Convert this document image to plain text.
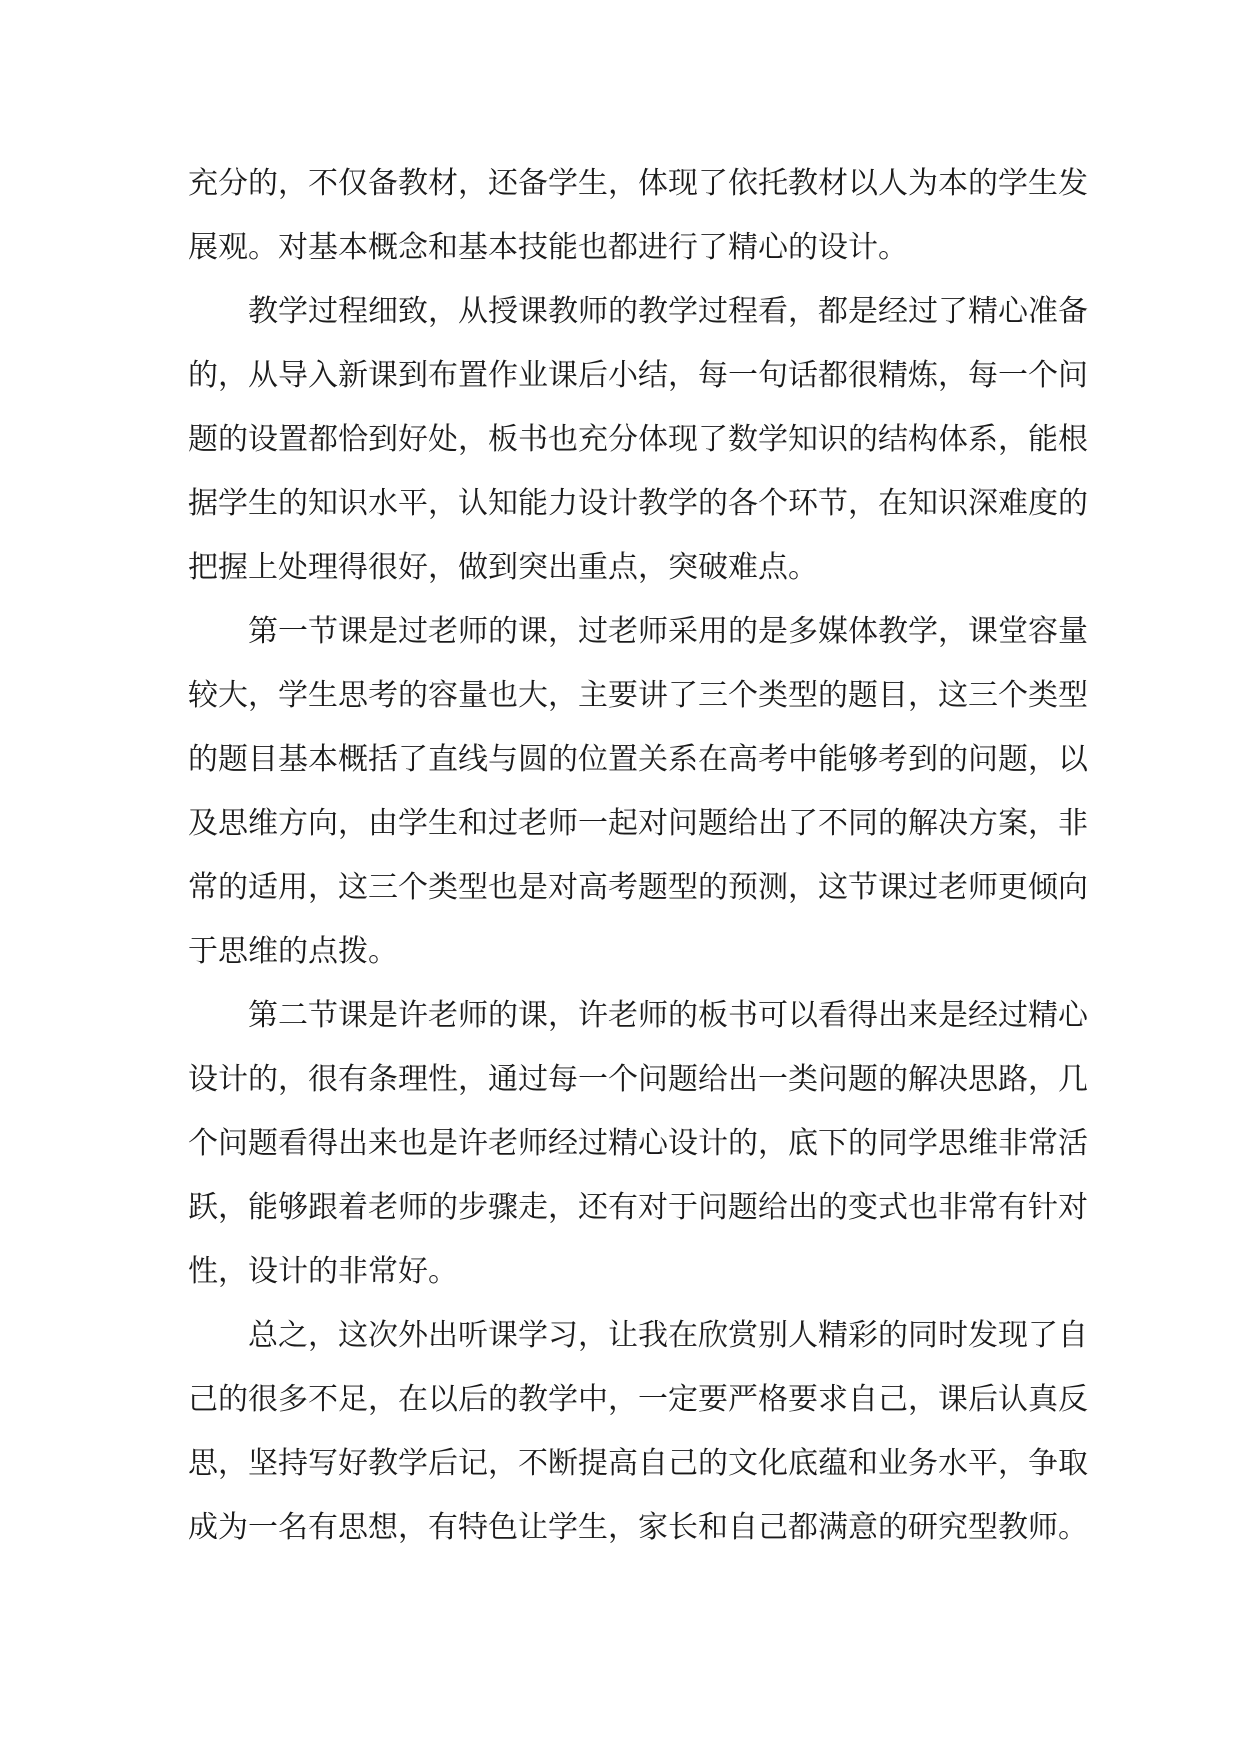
充分的，不仅备教材，还备学生，体现了依托教材以人为本的学生发
展观。对基本概念和基本技能也都进行了精心的设计。
教学过程细致，从授课教师的教学过程看，都是经过了精心准备
的，从导入新课到布置作业课后小结，每一句话都很精炼，每一个问
题的设置都恰到好处，板书也充分体现了数学知识的结构体系，能根
据学生的知识水平，认知能力设计教学的各个环节，在知识深难度的
把握上处理得很好，做到突出重点，突破难点。
第一节课是过老师的课，过老师采用的是多媒体教学，课堂容量
较大，学生思考的容量也大，主要讲了三个类型的题目，这三个类型
的题目基本概括了直线与圆的位置关系在高考中能够考到的问题，以
及思维方向，由学生和过老师一起对问题给出了不同的解决方案，非
常的适用，这三个类型也是对高考题型的预测，这节课过老师更倾向
于思维的点拨。
第二节课是许老师的课，许老师的板书可以看得出来是经过精心
设计的，很有条理性，通过每一个问题给出一类问题的解决思路，几
个问题看得出来也是许老师经过精心设计的，底下的同学思维非常活
跃，能够跟着老师的步骤走，还有对于问题给出的变式也非常有针对
性，设计的非常好。
总之，这次外出听课学习，让我在欣赏别人精彩的同时发现了自
己的很多不足，在以后的教学中，一定要严格要求自己，课后认真反
思，坚持写好教学后记，不断提高自己的文化底蕴和业务水平，争取
成为一名有思想，有特色让学生，家长和自己都满意的研究型教师。
